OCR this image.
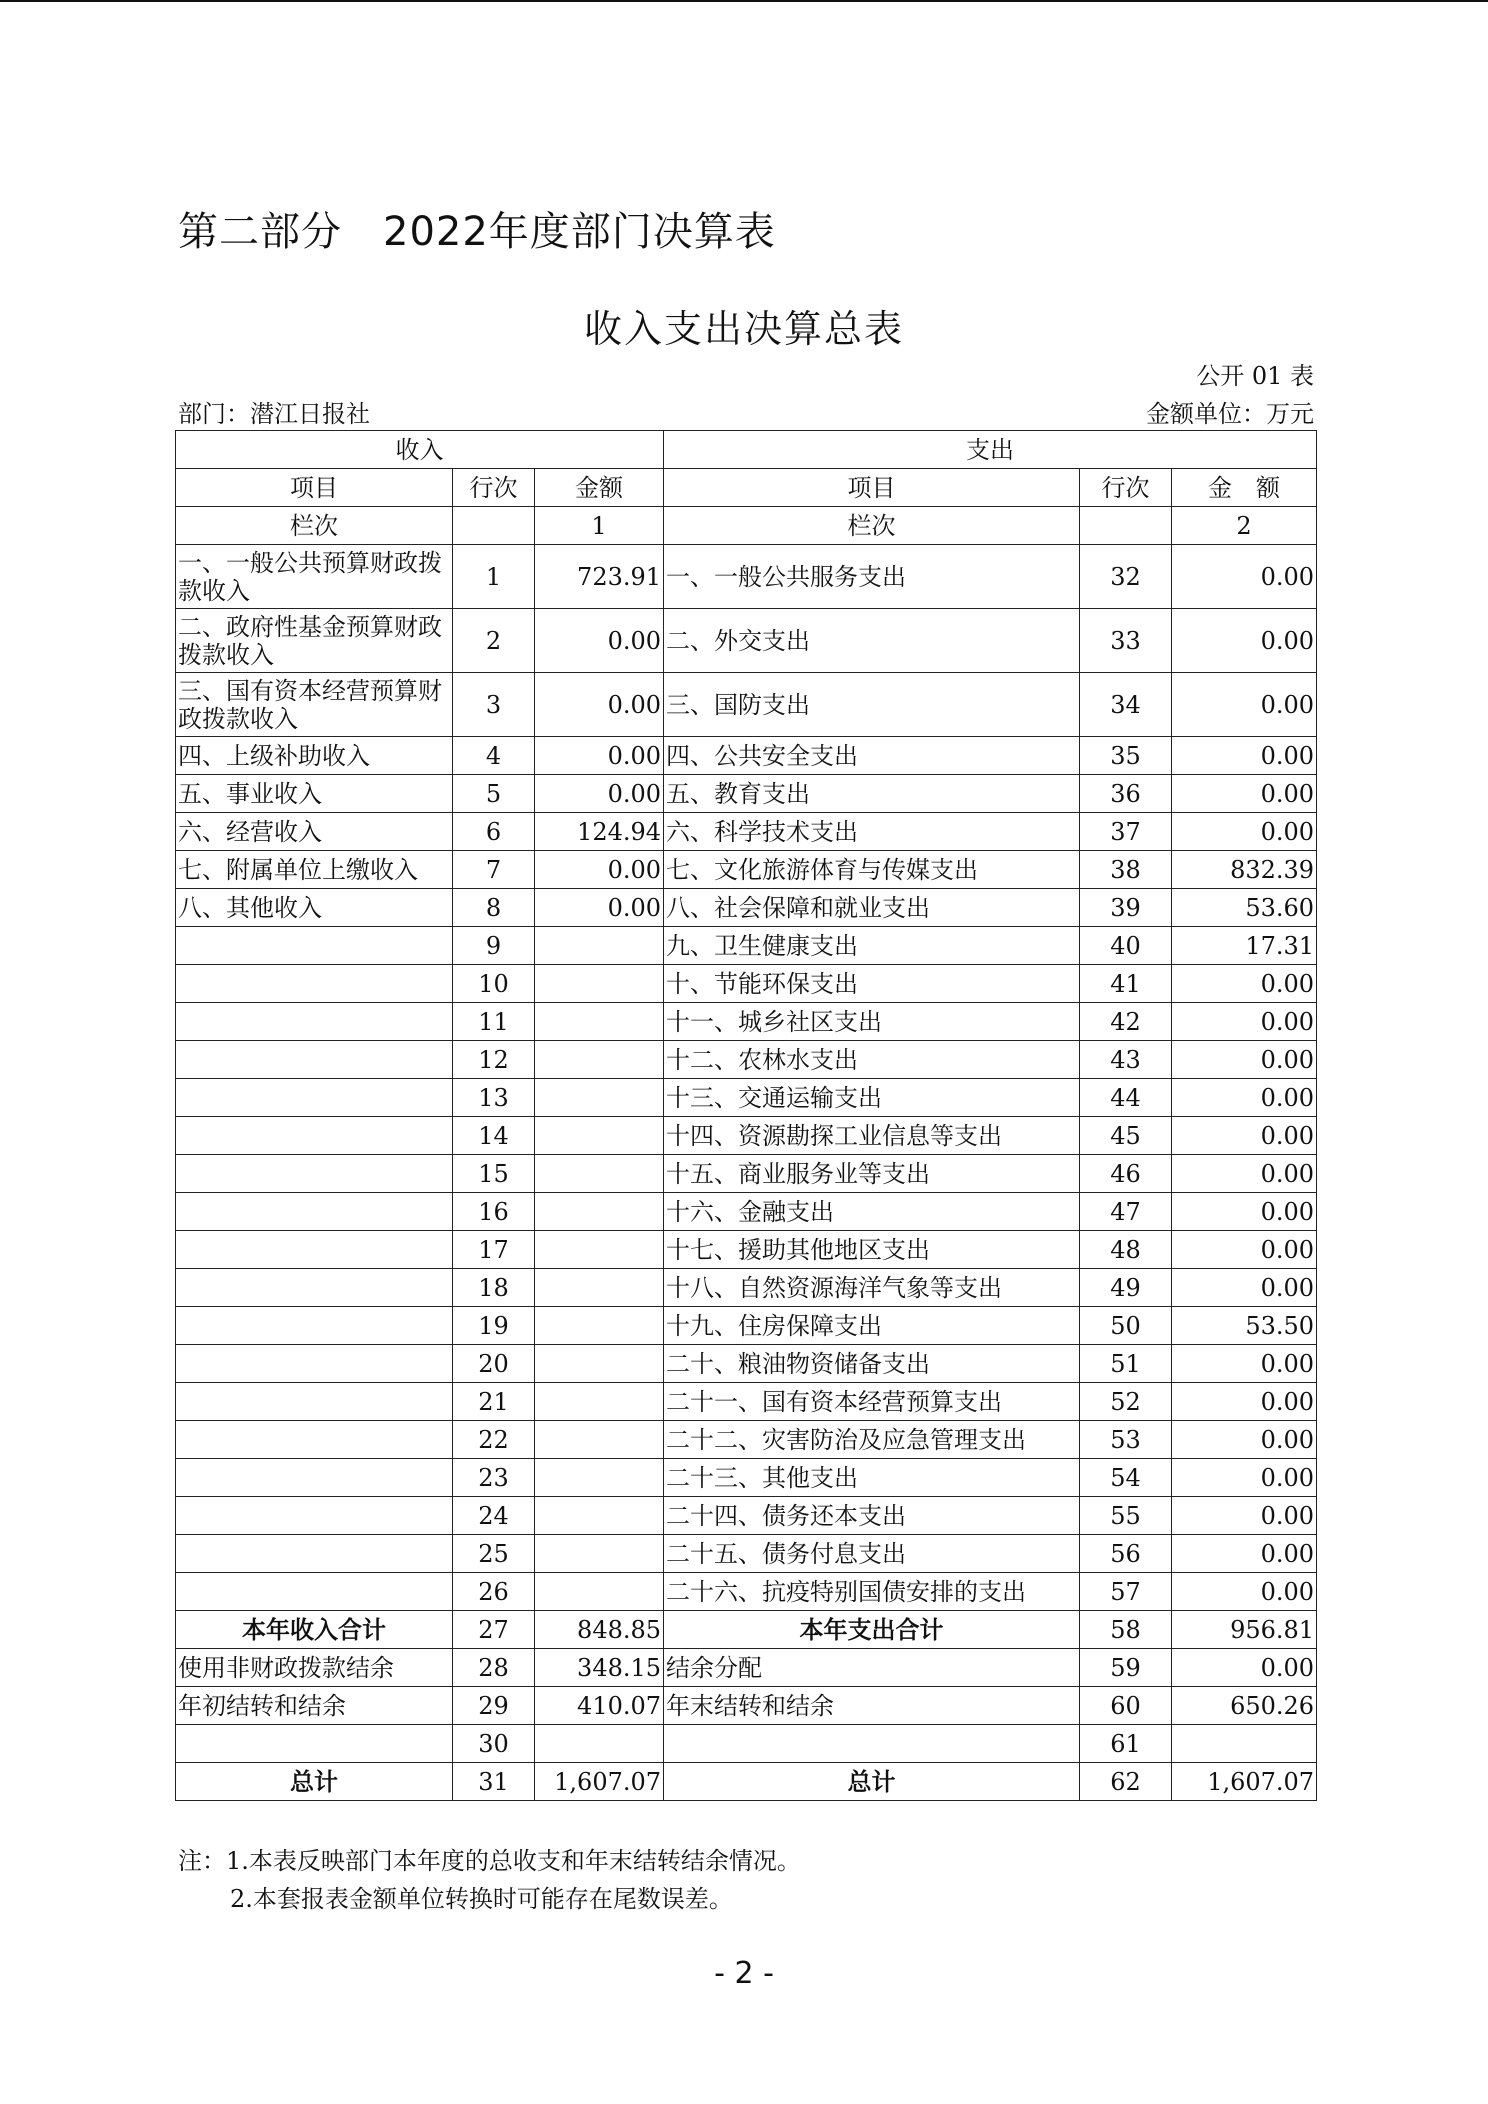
第二部分　2022年度部门决算表
收入支出决算总表
公开 01 表
部门：潜江日报社	金额单位：万元
收入			支出		
项目	行次	金额	项目	行次	金　额
栏次		1	栏次		2
一、一般公共预算财政拨款收入	1	723.91	一、一般公共服务支出	32	0.00
二、政府性基金预算财政拨款收入	2	0.00	二、外交支出	33	0.00
三、国有资本经营预算财政拨款收入	3	0.00	三、国防支出	34	0.00
四、上级补助收入	4	0.00	四、公共安全支出	35	0.00
五、事业收入	5	0.00	五、教育支出	36	0.00
六、经营收入	6	124.94	六、科学技术支出	37	0.00
七、附属单位上缴收入	7	0.00	七、文化旅游体育与传媒支出	38	832.39
八、其他收入	8	0.00	八、社会保障和就业支出	39	53.60
	9		九、卫生健康支出	40	17.31
	10		十、节能环保支出	41	0.00
	11		十一、城乡社区支出	42	0.00
	12		十二、农林水支出	43	0.00
	13		十三、交通运输支出	44	0.00
	14		十四、资源勘探工业信息等支出	45	0.00
	15		十五、商业服务业等支出	46	0.00
	16		十六、金融支出	47	0.00
	17		十七、援助其他地区支出	48	0.00
	18		十八、自然资源海洋气象等支出	49	0.00
	19		十九、住房保障支出	50	53.50
	20		二十、粮油物资储备支出	51	0.00
	21		二十一、国有资本经营预算支出	52	0.00
	22		二十二、灾害防治及应急管理支出	53	0.00
	23		二十三、其他支出	54	0.00
	24		二十四、债务还本支出	55	0.00
	25		二十五、债务付息支出	56	0.00
	26		二十六、抗疫特别国债安排的支出	57	0.00
本年收入合计	27	848.85	本年支出合计	58	956.81
使用非财政拨款结余	28	348.15	结余分配	59	0.00
年初结转和结余	29	410.07	年末结转和结余	60	650.26
	30			61	
总计	31	1,607.07	总计	62	1,607.07
注：1.本表反映部门本年度的总收支和年末结转结余情况。
2.本套报表金额单位转换时可能存在尾数误差。
- 2 -
